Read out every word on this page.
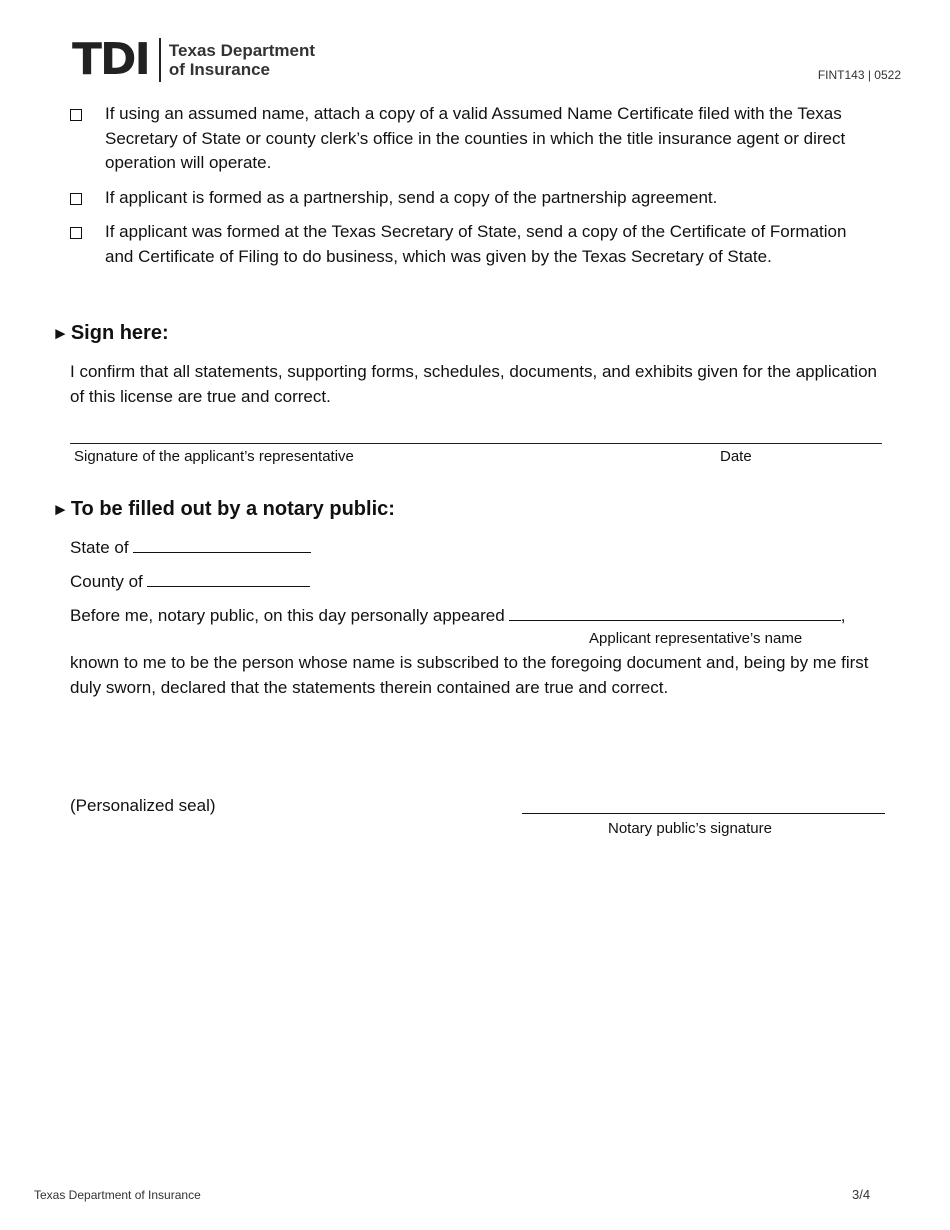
TDI Texas Department
of Insurance	FINT143 | 0522
If using an assumed name, attach a copy of a valid Assumed Name Certificate filed with the Texas Secretary of State or county clerk’s office in the counties in which the title insurance agent or direct operation will operate.
If applicant is formed as a partnership, send a copy of the partnership agreement.
If applicant was formed at the Texas Secretary of State, send a copy of the Certificate of Formation and Certificate of Filing to do business, which was given by the Texas Secretary of State.
► Sign here:
I confirm that all statements, supporting forms, schedules, documents, and exhibits given for the application of this license are true and correct.
Signature of the applicant’s representative	Date
► To be filled out by a notary public:
State of
County of
Before me, notary public, on this day personally appeared	,
Applicant representative’s name
known to me to be the person whose name is subscribed to the foregoing document and, being by me first duly sworn, declared that the statements therein contained are true and correct.
(Personalized seal)
Notary public’s signature
Texas Department of Insurance	3/4
